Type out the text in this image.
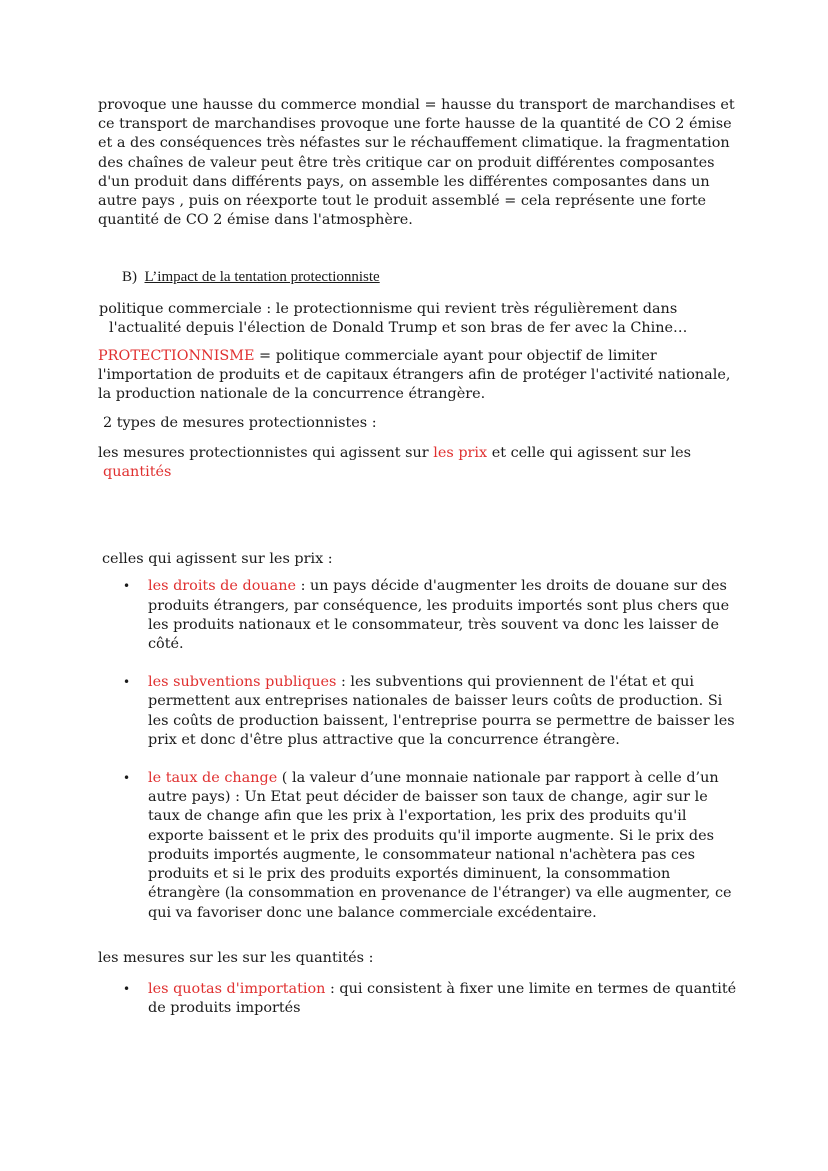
provoque une hausse du commerce mondial = hausse du transport de marchandises et ce transport de marchandises provoque une forte hausse de la quantité de CO 2 émise et a des conséquences très néfastes sur le réchauffement climatique. la fragmentation des chaînes de valeur peut être très critique car on produit différentes composantes d'un produit dans différents pays, on assemble les différentes composantes dans un autre pays , puis on réexporte tout le produit assemblé = cela représente une forte quantité de CO 2 émise dans l'atmosphère.

B) L’impact de la tentation protectionniste

politique commerciale : le protectionnisme qui revient très régulièrement dans l'actualité depuis l'élection de Donald Trump et son bras de fer avec la Chine…

PROTECTIONNISME = politique commerciale ayant pour objectif de limiter l'importation de produits et de capitaux étrangers afin de protéger l'activité nationale, la production nationale de la concurrence étrangère.

2 types de mesures protectionnistes :

les mesures protectionnistes qui agissent sur les prix et celle qui agissent sur les quantités

celles qui agissent sur les prix :

• les droits de douane : un pays décide d'augmenter les droits de douane sur des produits étrangers, par conséquence, les produits importés sont plus chers que les produits nationaux et le consommateur, très souvent va donc les laisser de côté.
• les subventions publiques : les subventions qui proviennent de l'état et qui permettent aux entreprises nationales de baisser leurs coûts de production. Si les coûts de production baissent, l'entreprise pourra se permettre de baisser les prix et donc d'être plus attractive que la concurrence étrangère.
• le taux de change ( la valeur d’une monnaie nationale par rapport à celle d’un autre pays) : Un Etat peut décider de baisser son taux de change, agir sur le taux de change afin que les prix à l'exportation, les prix des produits qu'il exporte baissent et le prix des produits qu'il importe augmente. Si le prix des produits importés augmente, le consommateur national n'achètera pas ces produits et si le prix des produits exportés diminuent, la consommation étrangère (la consommation en provenance de l'étranger) va elle augmenter, ce qui va favoriser donc une balance commerciale excédentaire.

les mesures sur les sur les quantités :

• les quotas d'importation : qui consistent à fixer une limite en termes de quantité de produits importés
